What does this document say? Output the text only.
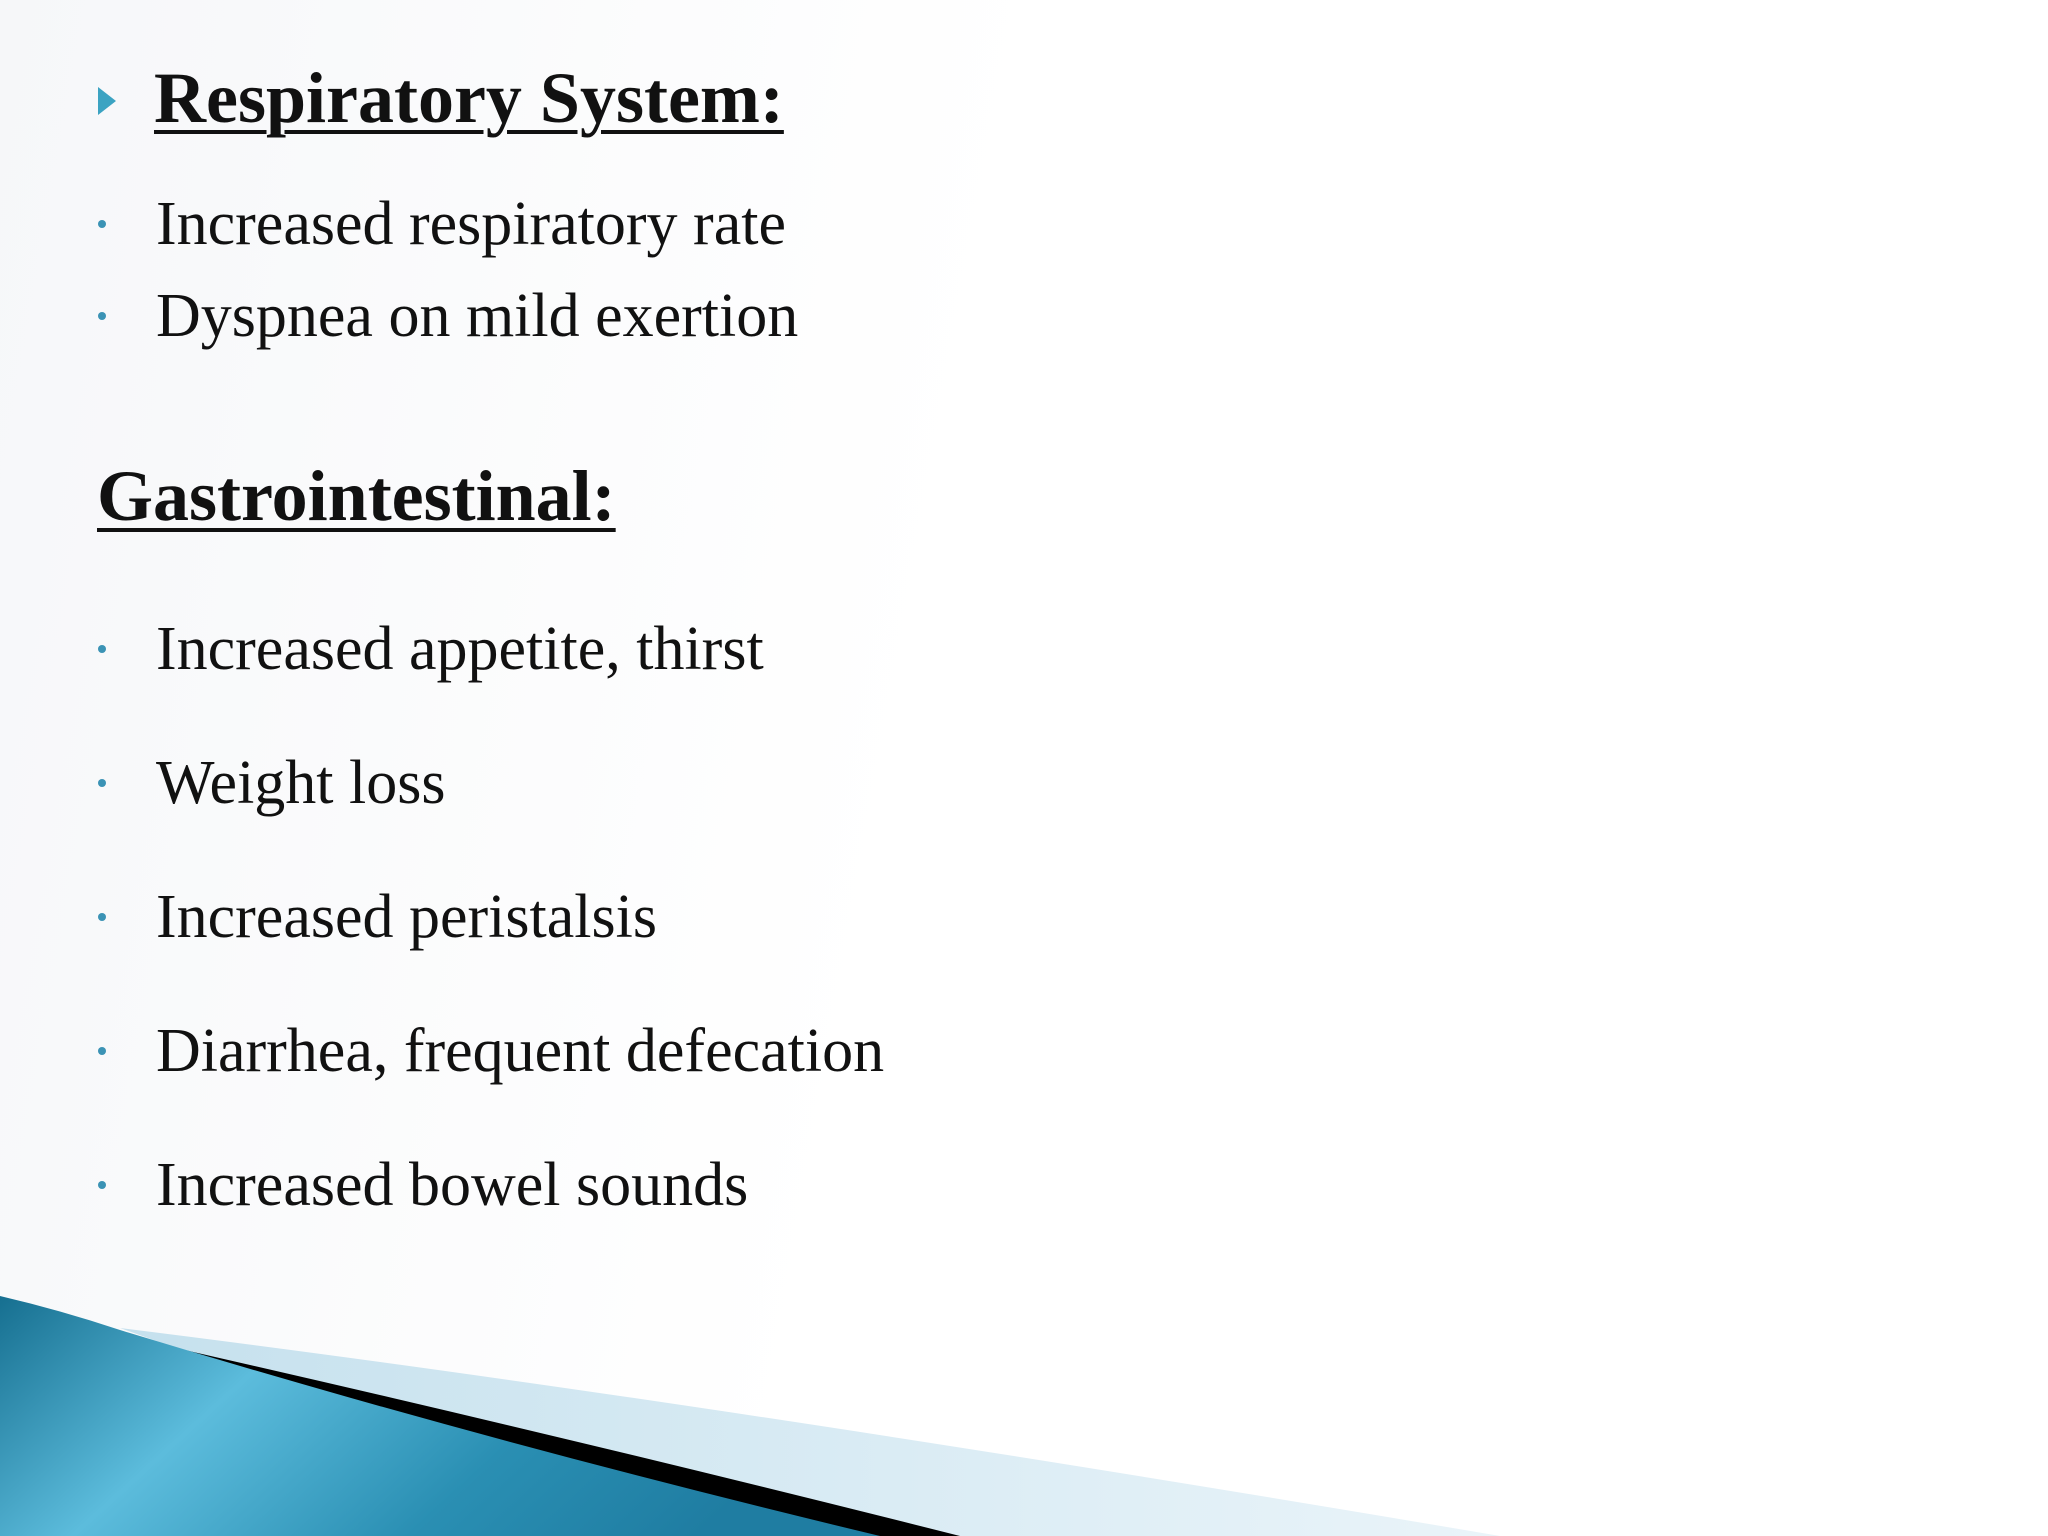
Respiratory System:
Increased respiratory rate
Dyspnea on mild exertion
Gastrointestinal:
Increased appetite, thirst
Weight loss
Increased peristalsis
Diarrhea, frequent defecation
Increased bowel sounds
